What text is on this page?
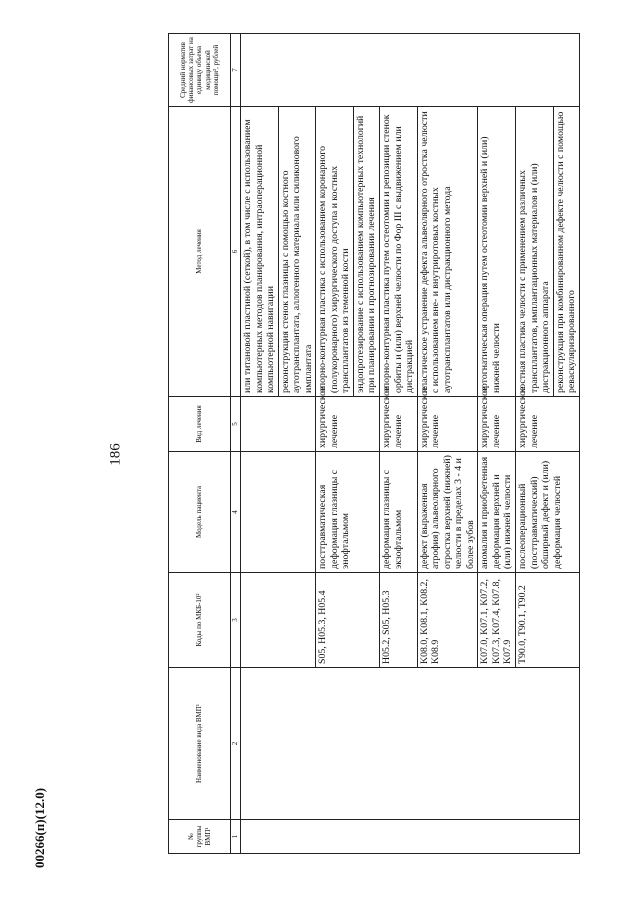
186
00266(п)(12.0)	№ группы ВМП¹	Наименование вида ВМП¹	Коды по МКБ-10²	Модель пациента	Вид лечения	Метод лечения	Средний норматив финансовых затрат на единицу объема медицинской помощи³, рублей
1	2	3	4	5	6	7
					или титановой пластиной (сеткой), в том числе с использованием компьютерных методов планирования, интраоперационной компьютерной навигации	
					реконструкция стенок глазницы с помощью костного аутотрансплантата, аллогенного материала или силиконового имплантата	
		S05, H05.3, H05.4	посттравматическая деформация глазницы с энофтальмом	хирургическое лечение	опорно-контурная пластика с использованием коронарного (полукоронарного) хирургического доступа и костных трансплантатов из теменной кости	
					эндопротезирование с использованием компьютерных технологий при планировании и прогнозировании лечения	
		H05.2, S05, H05.3	деформация глазницы с экзофтальмом	хирургическое лечение	опорно-контурная пластика путем остеотомии и репозиции стенок орбиты и (или) верхней челюсти по Фор III с выдвижением или дистракцией	
		K08.0, K08.1, K08.2, K08.9	дефект (выраженная атрофия) альвеолярного отростка верхней (нижней) челюсти в пределах 3 - 4 и более зубов	хирургическое лечение	пластическое устранение дефекта альвеолярного отростка челюсти с использованием вне- и внутриротовых костных аутотрансплантатов или дистракционного метода	
		K07.0, K07.1, K07.2, K07.3, K07.4, K07.8, K07.9	аномалия и приобретенная деформация верхней и (или) нижней челюсти	хирургическое лечение	ортогнатическая операция путем остеотомии верхней и (или) нижней челюсти	
		T90.0, T90.1, T90.2	послеоперационный (посттравматический) обширный дефект и (или) деформация челюстей	хирургическое лечение	костная пластика челюсти с применением различных трансплантатов, имплантационных материалов и (или) дистракционного аппарата	
					реконструкция при комбинированном дефекте челюсти с помощью реваскуляризированного	
